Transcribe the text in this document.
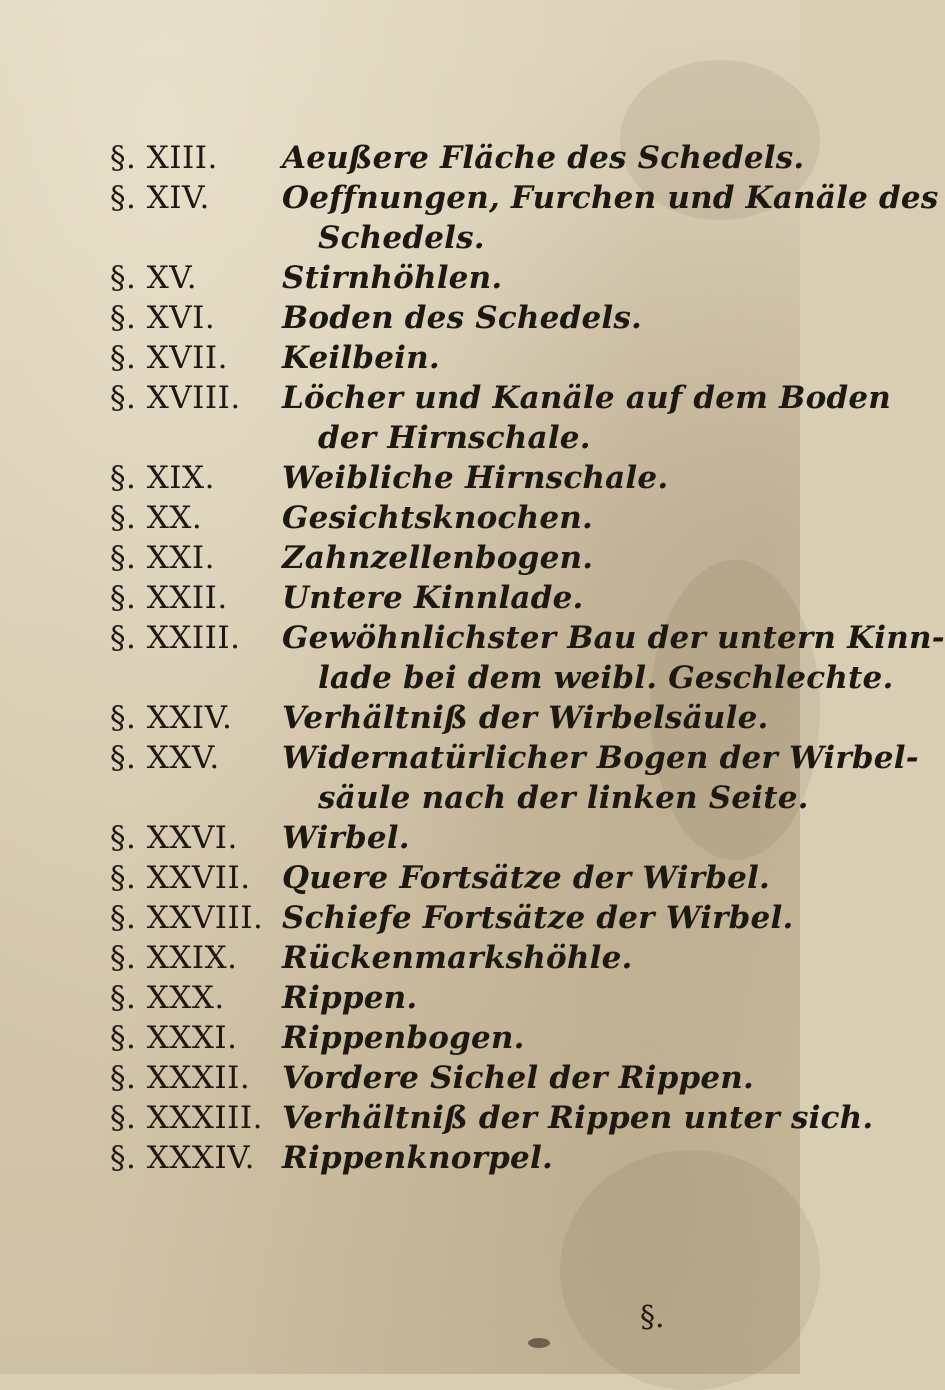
§. XIII.	Aeußere Fläche des Schedels.
§. XIV.	Oeffnungen, Furchen und Kanäle des
Schedels.
§. XV.	Stirnhöhlen.
§. XVI.	Boden des Schedels.
§. XVII.	Keilbein.
§. XVIII.	Löcher und Kanäle auf dem Boden
der Hirnschale.
§. XIX.	Weibliche Hirnschale.
§. XX.	Gesichtsknochen.
§. XXI.	Zahnzellenbogen.
§. XXII.	Untere Kinnlade.
§. XXIII.	Gewöhnlichster Bau der untern Kinn-
lade bei dem weibl. Geschlechte.
§. XXIV.	Verhältniß der Wirbelsäule.
§. XXV.	Widernatürlicher Bogen der Wirbel-
säule nach der linken Seite.
§. XXVI.	Wirbel.
§. XXVII.	Quere Fortsätze der Wirbel.
§. XXVIII. Schiefe Fortsätze der Wirbel.
§. XXIX.	Rückenmarkshöhle.
§. XXX.	Rippen.
§. XXXI.	Rippenbogen.
§. XXXII.	Vordere Sichel der Rippen.
§. XXXIII. Verhältniß der Rippen unter sich.
§. XXXIV. Rippenknorpel.
§.
